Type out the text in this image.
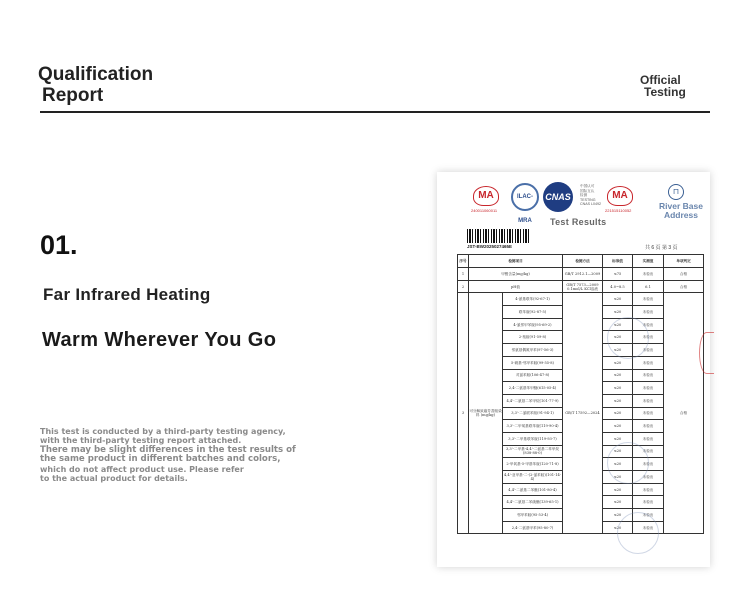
Qualification
Report
Official
Testing
01.
Far Infrared Heating
Warm Wherever You Go
This test is conducted by a third-party testing agency,
with the third-party testing report attached.
There may be slight differences in the test results of
the same product in different batches and colors,
which do not affect product use. Please refer
to the actual product for details.
MA
240011060011
ILAC-MRA
CNAS
中国认可
国际互认
检测
TESTING
CNAS L0492
MA
221515110052
Test Results
⊓
River Base
Address
JST-BW2025027465E	共 6 页 第 3 页
序号	检测项目		检测方法	标准值	实测值	单项判定
1	甲醛含量(mg/kg)		GB/T 2912.1—2009	≤75	未检出	合格
2	pH值		GB/T 7573—2009 0.1mol/L KCl溶液	4.0~8.5	6.1	合格
3	可分解致癌芳香胺染料 (mg/kg)	4-氨基联苯(92-67-1)	GB/T 17592—2024	≤20	未检出	合格
		联苯胺(92-87-5)		≤20	未检出	
		4-氯邻甲苯胺(95-69-2)		≤20	未检出	
		2-萘胺(91-59-8)		≤20	未检出	
		邻氨基偶氮甲苯(97-56-3)		≤20	未检出	
		5-硝基-邻甲苯胺(99-55-8)		≤20	未检出	
		对氯苯胺(106-47-8)		≤20	未检出	
		2,4-二氨基苯甲醚(615-05-4)		≤20	未检出	
		4,4'-二氨基二苯甲烷(101-77-9)		≤20	未检出	
		3,3'-二氯联苯胺(91-94-1)		≤20	未检出	
		3,3'-二甲氧基联苯胺(119-90-4)		≤20	未检出	
		3,3'-二甲基联苯胺(119-93-7)		≤20	未检出	
		3,3'-二甲基-4,4'-二氨基二苯甲烷(838-88-0)		≤20	未检出	
		2-甲氧基-5-甲基苯胺(120-71-8)		≤20	未检出	
		4,4'-亚甲基-二-(2-氯苯胺)(101-14-4)		≤20	未检出	
		4,4'-二氨基二苯醚(101-80-4)		≤20	未检出	
		4,4'-二氨基二苯硫醚(139-65-1)		≤20	未检出	
		邻甲苯胺(95-53-4)		≤20	未检出	
		2,4-二氨基甲苯(95-80-7)		≤20	未检出	
